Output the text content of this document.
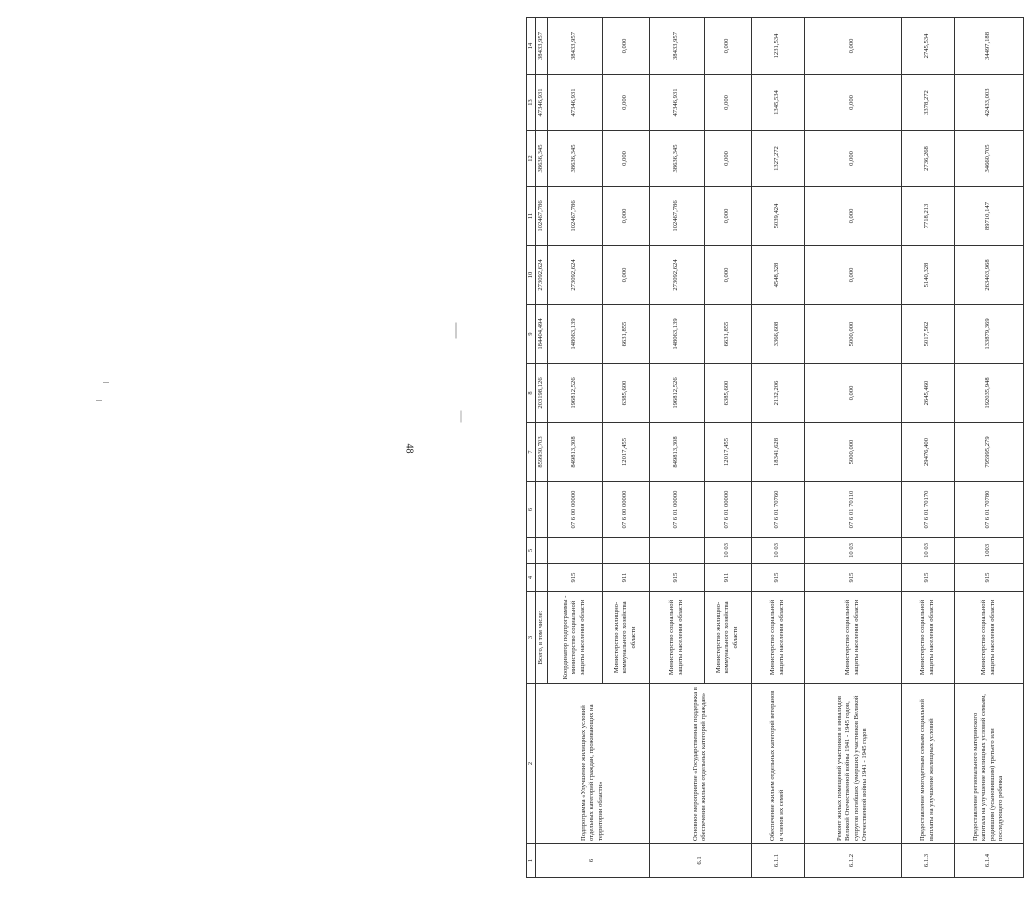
48
1	2	3	4	5	6	7	8	9	10	11	12	13	14
6	Подпрограмма «Улучшение жилищных условий отдельных категорий граждан, проживающих на территории области»	Всего, в том числе:				859930,703	203198,126	184404,494	273092,624	102467,786	38636,345	47346,931	38433,957
		Координатор подпрограммы - министерство социальной защиты населения области	915		07 6 00 00000	849813,308	196812,526	148063,139	273092,624	102467,786	38636,345	47346,931	38433,957
		Министерство жилищно-коммунального хозяйства области	911		07 6 00 00000	12017,455	6385,600	6631,855	0,000	0,000	0,000	0,000	0,000
6.1	Основное мероприятие «Государственная поддержка в обеспечении жильем отдельных категорий граждан»	Министерство социальной защиты населения области	915		07 6 01 00000	849813,308	196812,526	148063,139	273092,624	102467,786	38636,345	47346,931	38433,957
		Министерство жилищно-коммунального хозяйства области	911	10 03	07 6 01 00000	12017,455	6385,600	6631,855	0,000	0,000	0,000	0,000	0,000
6.1.1	Обеспечение жильем отдельных категорий ветеранов и членов их семей	Министерство социальной защиты населения области	915	10 03	07 6 01 70760	18341,628	2132,206	3366,608	4548,328	5039,424	1327,272	1345,534	1231,534
6.1.2	Ремонт жилых помещений участников и инвалидов Великой Отечественной войны 1941 - 1945 годов, супругов погибших (умерших) участников Великой Отечественной войны 1941 - 1945 годов	Министерство социальной защиты населения области	915	10 03	07 6 01 70110	5000,000	0,000	5000,000	0,000	0,000	0,000	0,000	0,000
6.1.3	Предоставление многодетным семьям социальной выплаты на улучшение жилищных условий	Министерство социальной защиты населения области	915	10 03	07 6 01 70170	29476,400	2645,460	5017,562	5140,328	7718,213	2736,268	3378,272	2745,534
6.1.4	Предоставление регионального материнского капитала на улучшение жилищных условий семьям, родившим (усыновившим) третьего или последующего ребенка	Министерство социальной защиты населения области	915	1003	07 6 01 70780	795995,279	192035,948	133879,369	263403,968	89710,147	34660,705	42433,003	34497,188
